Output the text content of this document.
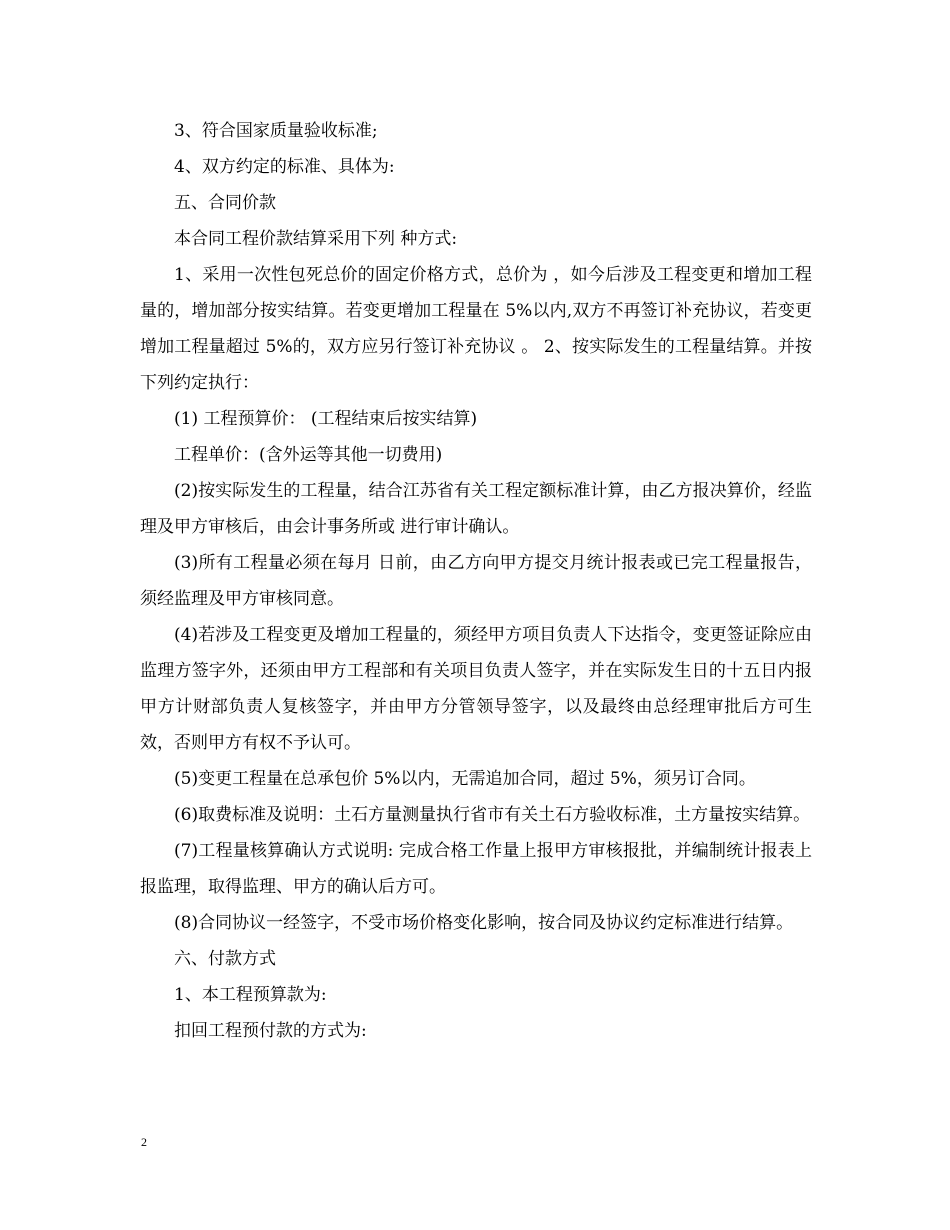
3、符合国家质量验收标准;

4、双方约定的标准、具体为:

五、合同价款

本合同工程价款结算采用下列 种方式:

1、采用一次性包死总价的固定价格方式，总价为 ，如今后涉及工程变更和增加工程量的，增加部分按实结算。若变更增加工程量在 5%以内,双方不再签订补充协议，若变更增加工程量超过 5%的，双方应另行签订补充协议 。 2、按实际发生的工程量结算。并按下列约定执行：

(1) 工程预算价： (工程结束后按实结算)

工程单价：(含外运等其他一切费用)

(2)按实际发生的工程量，结合江苏省有关工程定额标准计算，由乙方报决算价，经监理及甲方审核后，由会计事务所或 进行审计确认。

(3)所有工程量必须在每月 日前，由乙方向甲方提交月统计报表或已完工程量报告，须经监理及甲方审核同意。

(4)若涉及工程变更及增加工程量的，须经甲方项目负责人下达指令，变更签证除应由监理方签字外，还须由甲方工程部和有关项目负责人签字，并在实际发生日的十五日内报甲方计财部负责人复核签字，并由甲方分管领导签字，以及最终由总经理审批后方可生效，否则甲方有权不予认可。

(5)变更工程量在总承包价 5%以内，无需追加合同，超过 5%，须另订合同。

(6)取费标准及说明：土石方量测量执行省市有关土石方验收标准，土方量按实结算。

(7)工程量核算确认方式说明: 完成合格工作量上报甲方审核报批，并编制统计报表上报监理，取得监理、甲方的确认后方可。

(8)合同协议一经签字，不受市场价格变化影响，按合同及协议约定标准进行结算。

六、付款方式

1、本工程预算款为:

扣回工程预付款的方式为:

2
